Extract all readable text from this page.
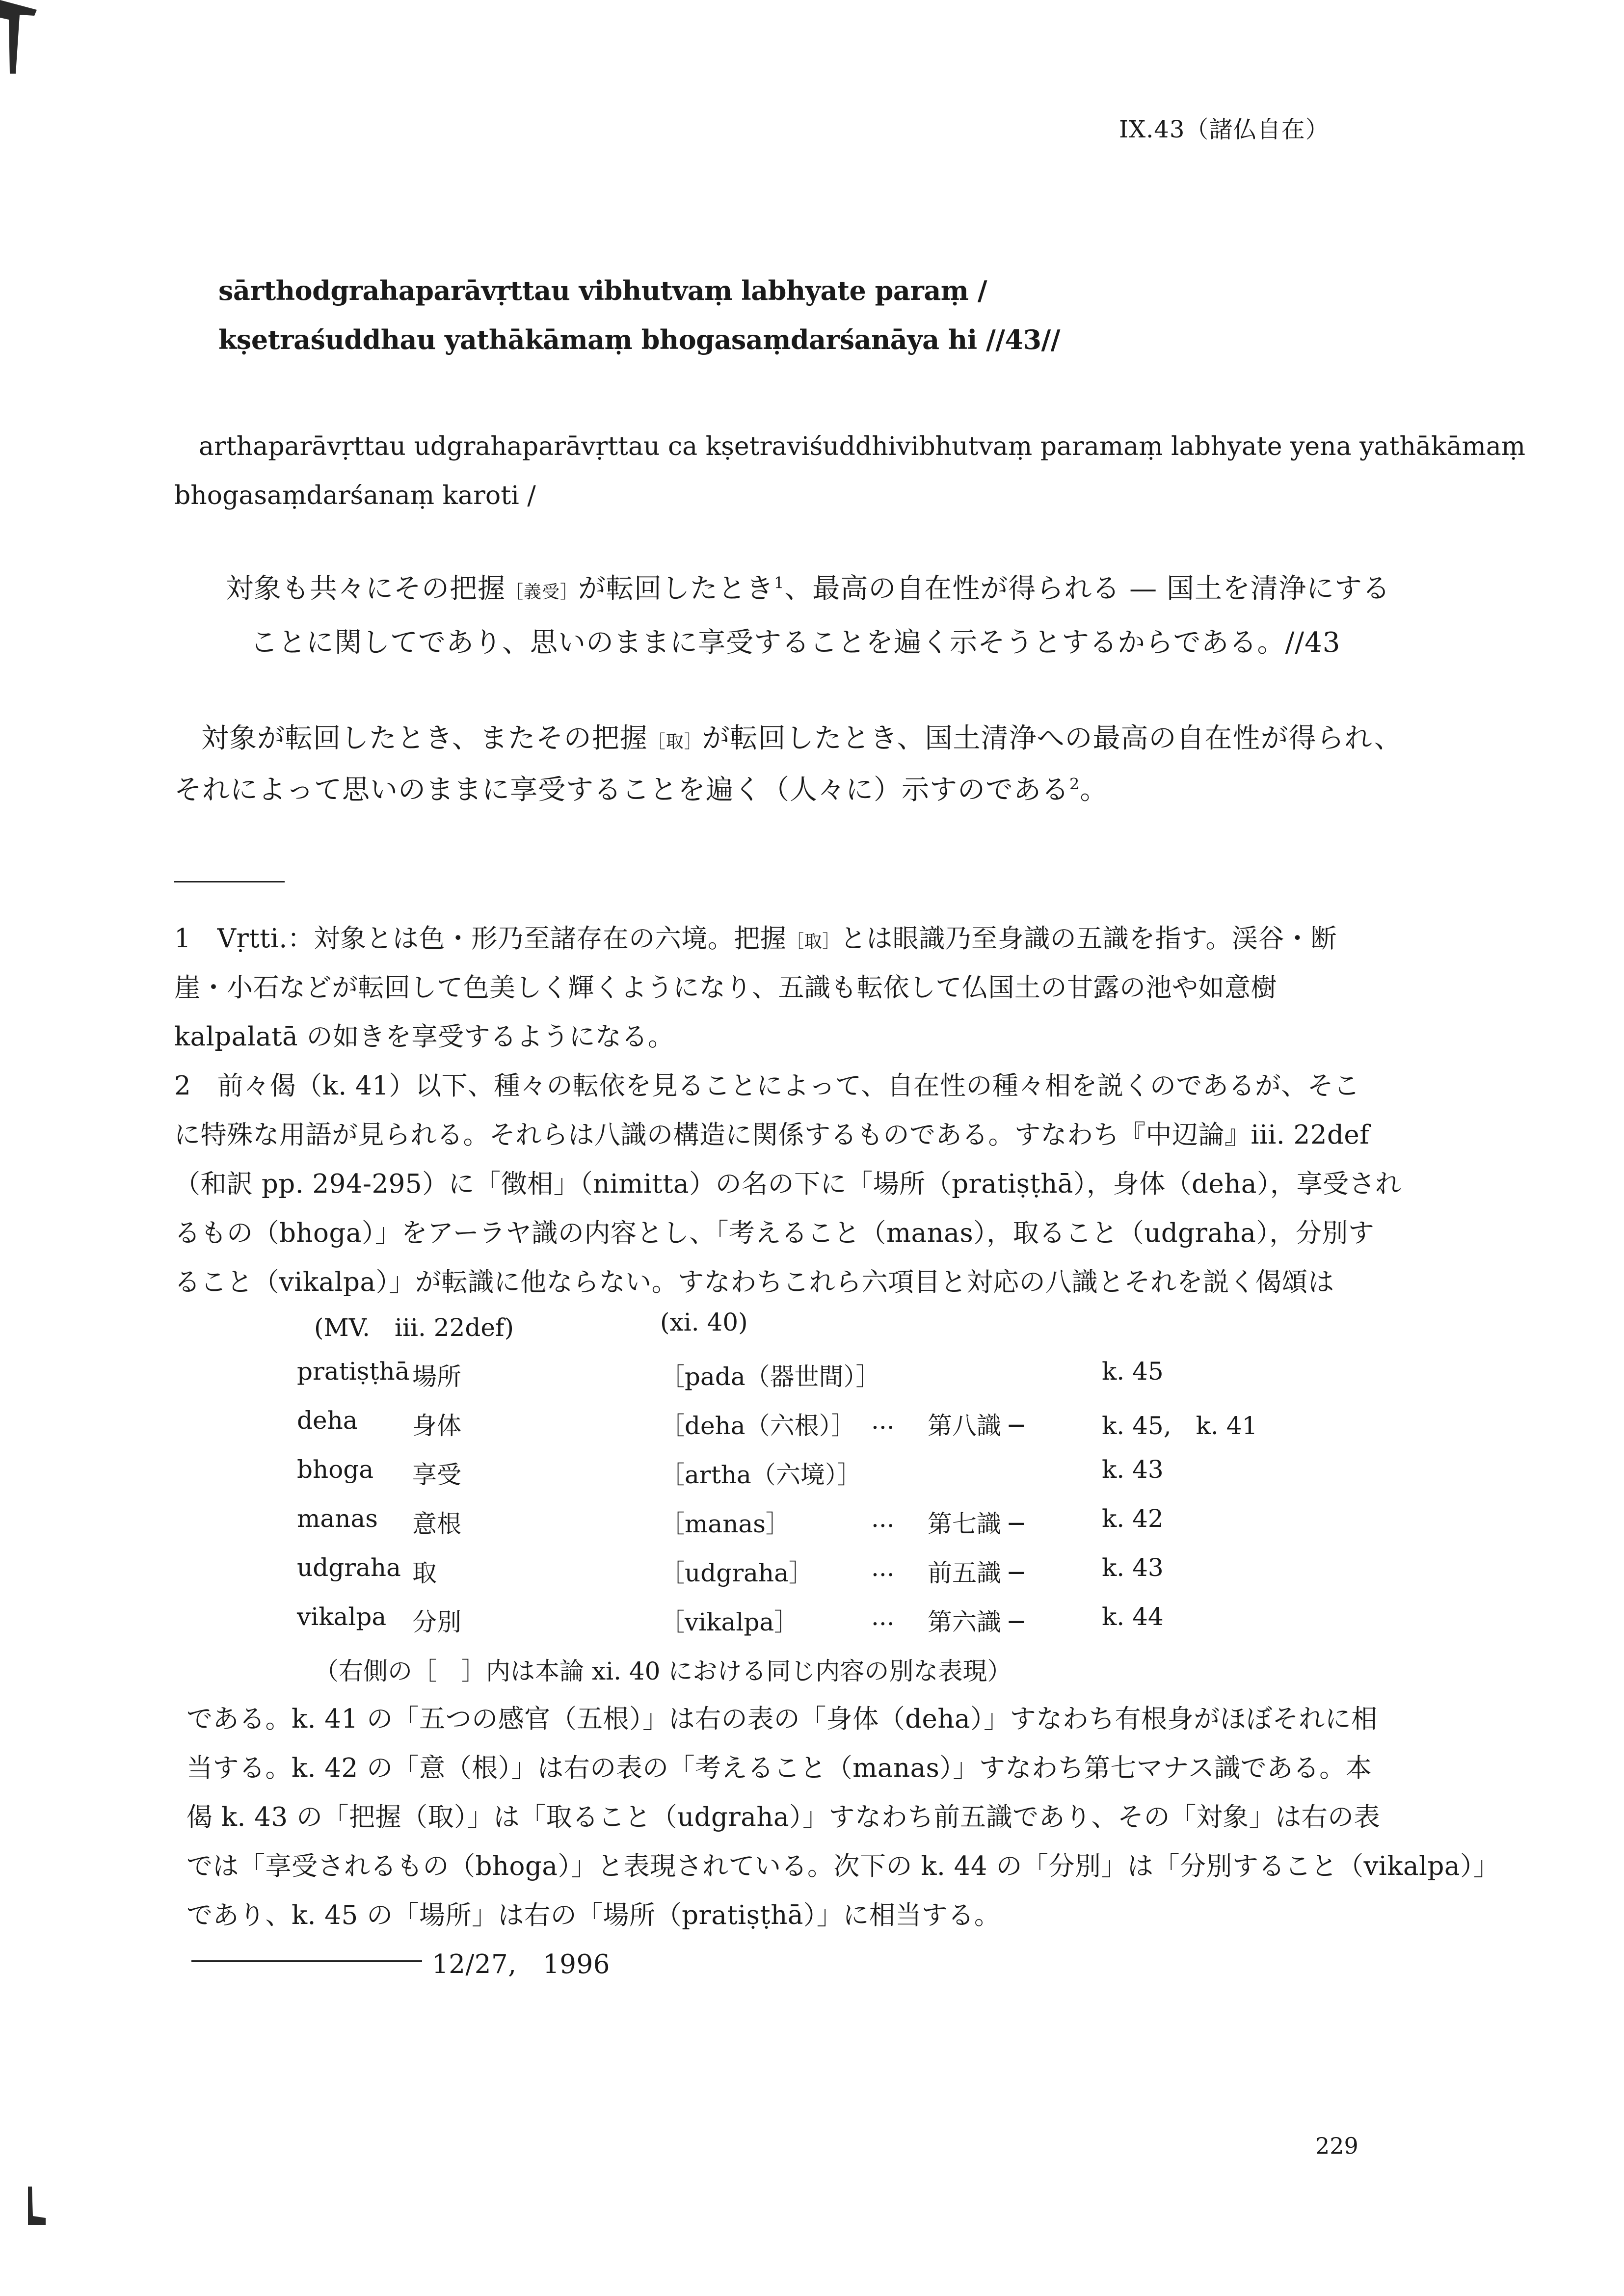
IX.43（諸仏自在）
sārthodgrahaparāvṛttau vibhutvaṃ labhyate paraṃ /
kṣetraśuddhau yathākāmaṃ bhogasaṃdarśanāya hi //43//
arthaparāvṛttau udgrahaparāvṛttau ca kṣetraviśuddhivibhutvaṃ paramaṃ labhyate yena yathākāmaṃ
bhogasaṃdarśanaṃ karoti /
対象も共々にその把握［義受］が転回したとき$^1$、最高の自在性が得られる — 国土を清浄にする
ことに関してであり、思いのままに享受することを遍く示そうとするからである。//43
対象が転回したとき、またその把握［取］が転回したとき、国土清浄への最高の自在性が得られ、
それによって思いのままに享受することを遍く（人々に）示すのである$^2$。
1　Vṛtti.：対象とは色・形乃至諸存在の六境。把握［取］とは眼識乃至身識の五識を指す。渓谷・断
崖・小石などが転回して色美しく輝くようになり、五識も転依して仏国土の甘露の池や如意樹
kalpalatā の如きを享受するようになる。
2　前々偈（k. 41）以下、種々の転依を見ることによって、自在性の種々相を説くのであるが、そこ
に特殊な用語が見られる。それらは八識の構造に関係するものである。すなわち『中辺論』iii. 22def
（和訳 pp. 294-295）に「徴相」（nimitta）の名の下に「場所（pratiṣṭhā），身体（deha），享受され
るもの（bhoga）」をアーラヤ識の内容とし、「考えること（manas），取ること（udgraha），分別す
ること（vikalpa）」が転識に他ならない。すなわちこれら六項目と対応の八識とそれを説く偈頌は
(MV.　iii. 22def)	(xi. 40)
pratiṣṭhā 場所	［pada（器世間）］	k. 45
deha 身体	［deha（六根）］ ... 第八識 ─	k. 45,　k. 41
bhoga 享受	［artha（六境）］	k. 43
manas 意根	［manas］	... 第七識 ─	k. 42
udgraha 取	［udgraha］ ... 前五識 ─	k. 43
vikalpa 分別	［vikalpa］	... 第六識 ─	k. 44
（右側の［　］内は本論 xi. 40 における同じ内容の別な表現）
である。k. 41 の「五つの感官（五根）」は右の表の「身体（deha）」すなわち有根身がほぼそれに相
当する。k. 42 の「意（根）」は右の表の「考えること（manas）」すなわち第七マナス識である。本
偈 k. 43 の「把握（取）」は「取ること（udgraha）」すなわち前五識であり、その「対象」は右の表
では「享受されるもの（bhoga）」と表現されている。次下の k. 44 の「分別」は「分別すること（vikalpa）」
であり、k. 45 の「場所」は右の「場所（pratiṣṭhā）」に相当する。
12/27,　1996
229
